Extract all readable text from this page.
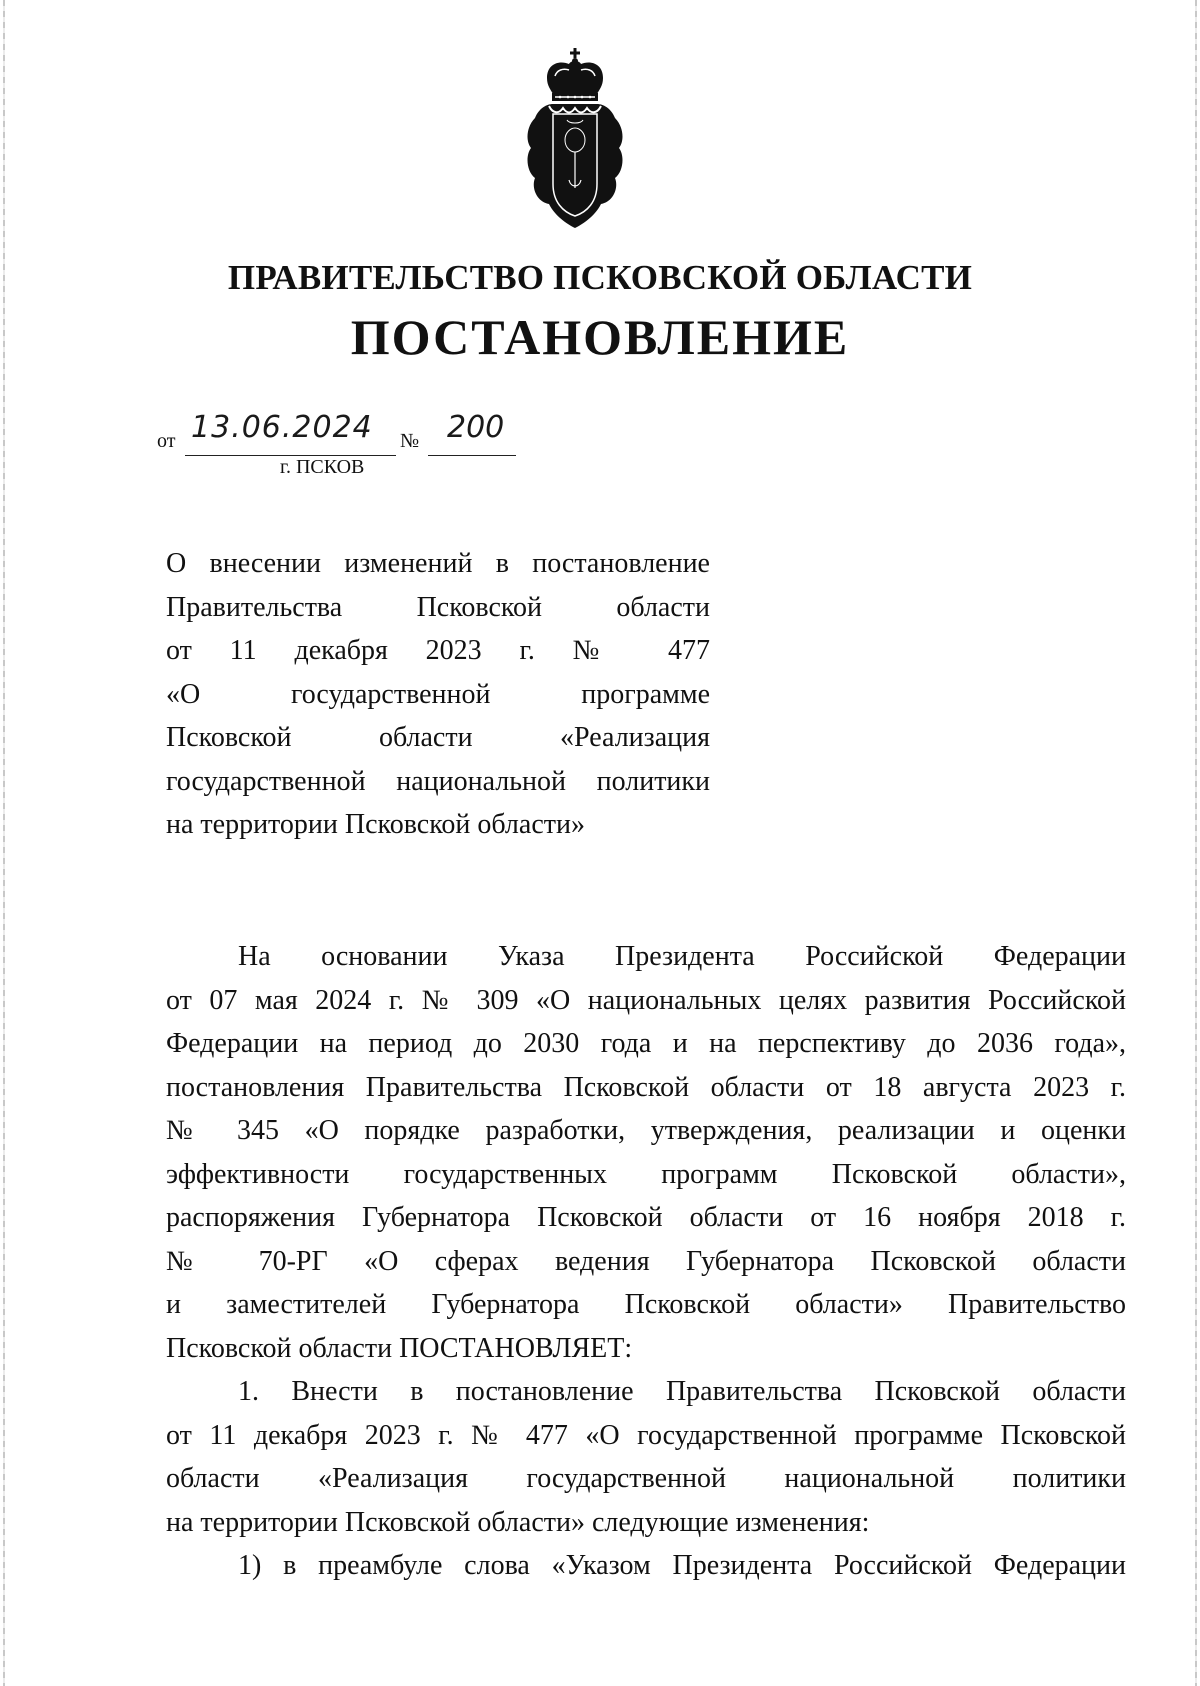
ПРАВИТЕЛЬСТВО ПСКОВСКОЙ ОБЛАСТИ
ПОСТАНОВЛЕНИЕ
от 13.06.2024 № 200
г. ПСКОВ
О внесении изменений в постановление
Правительства Псковской области
от 11 декабря 2023 г. № 477
«О государственной программе
Псковской области «Реализация
государственной национальной политики
на территории Псковской области»
На основании Указа Президента Российской Федерации
от 07 мая 2024 г. № 309 «О национальных целях развития Российской
Федерации на период до 2030 года и на перспективу до 2036 года»,
постановления Правительства Псковской области от 18 августа 2023 г.
№ 345 «О порядке разработки, утверждения, реализации и оценки
эффективности государственных программ Псковской области»,
распоряжения Губернатора Псковской области от 16 ноября 2018 г.
№ 70-РГ «О сферах ведения Губернатора Псковской области
и заместителей Губернатора Псковской области» Правительство
Псковской области ПОСТАНОВЛЯЕТ:
1. Внести в постановление Правительства Псковской области
от 11 декабря 2023 г. № 477 «О государственной программе Псковской
области «Реализация государственной национальной политики
на территории Псковской области» следующие изменения:
1) в преамбуле слова «Указом Президента Российской Федерации
